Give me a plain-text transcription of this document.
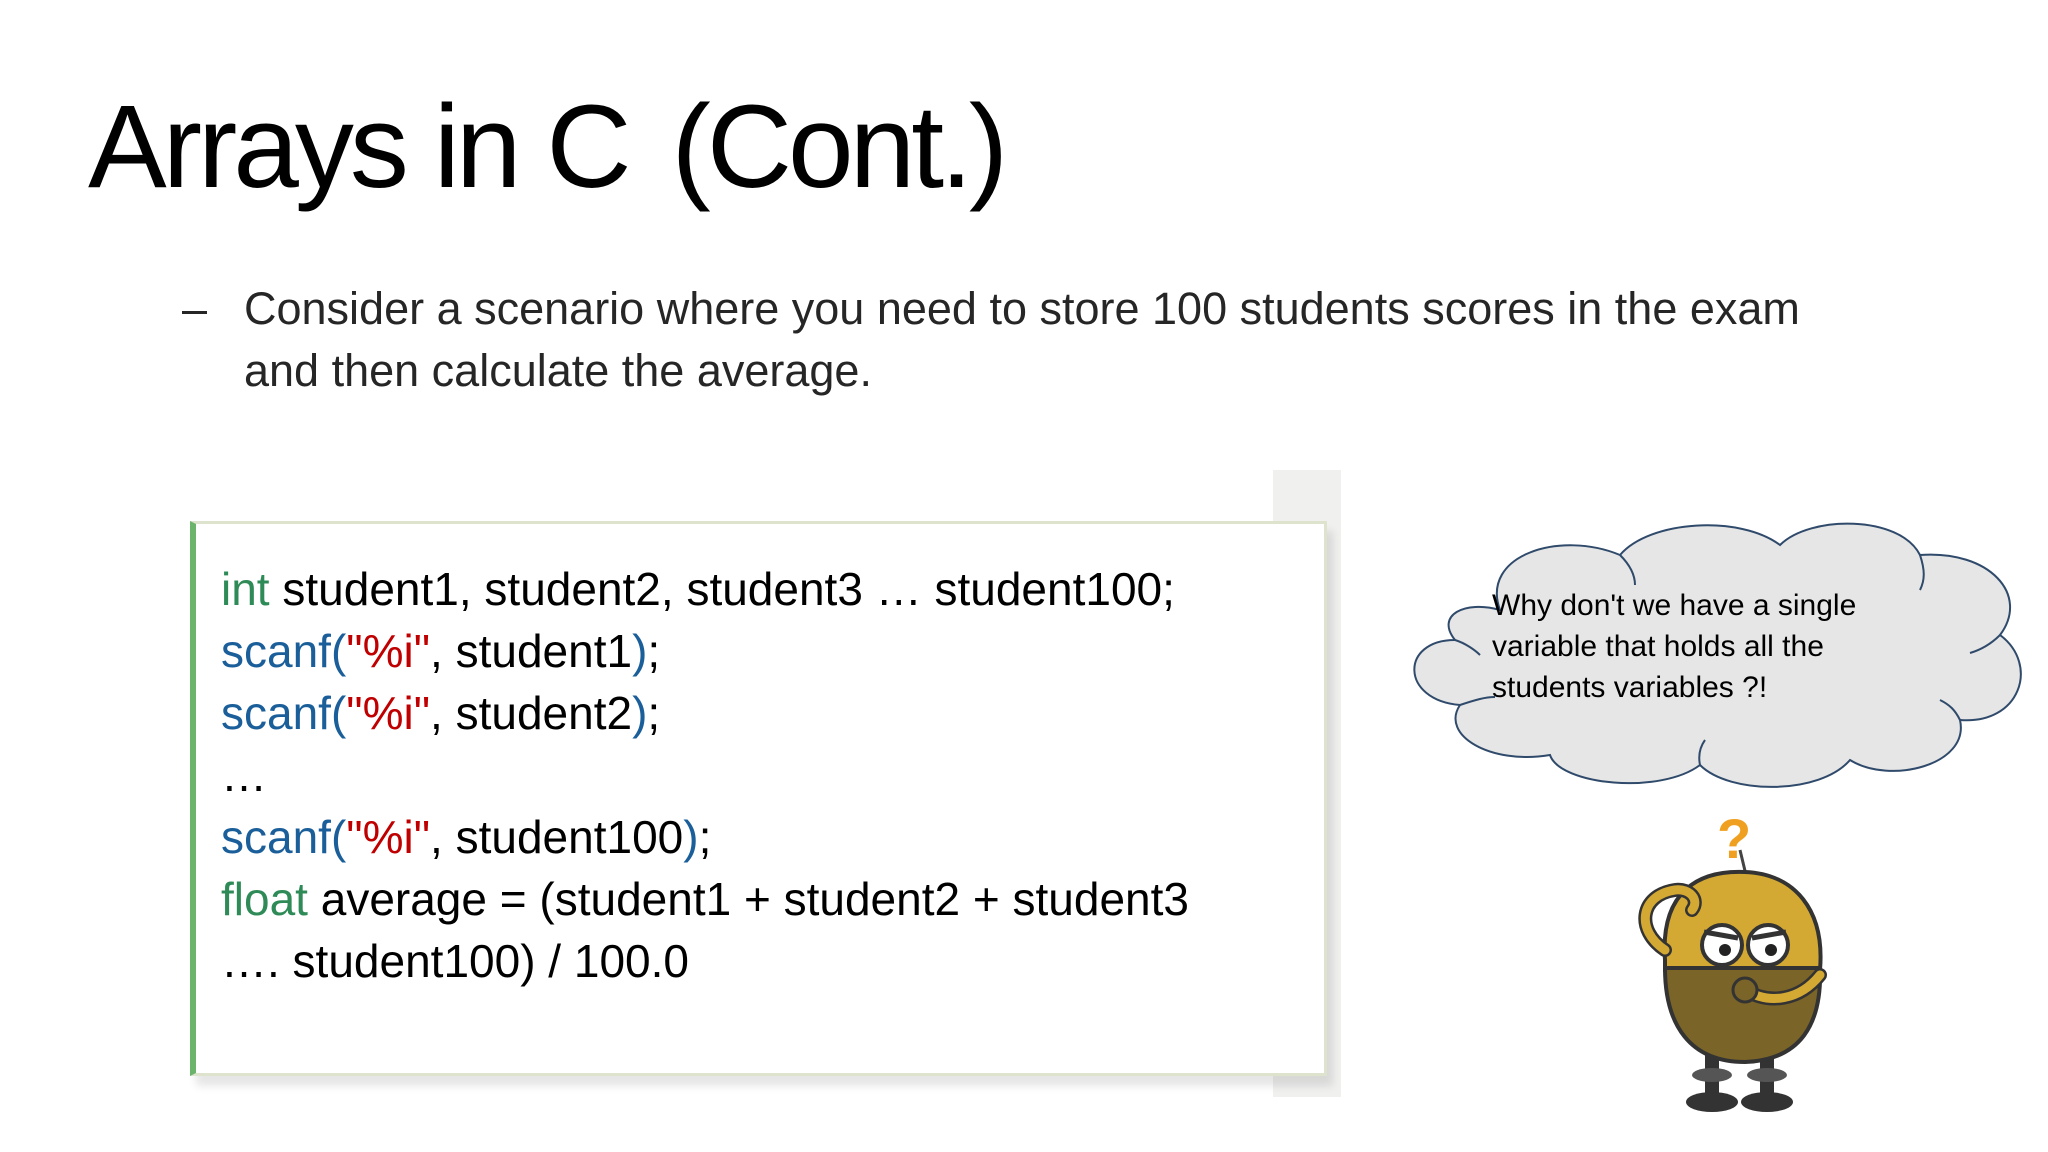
Arrays in C (Cont.)
– Consider a scenario where you need to store 100 students scores in the exam and then calculate the average.
int student1, student2, student3 … student100;
scanf("%i", student1);
scanf("%i", student2);
…
scanf("%i", student100);
float average = (student1 + student2 + student3
…. student100) / 100.0
Why don't we have a single
variable that holds all the
students variables ?!
?
